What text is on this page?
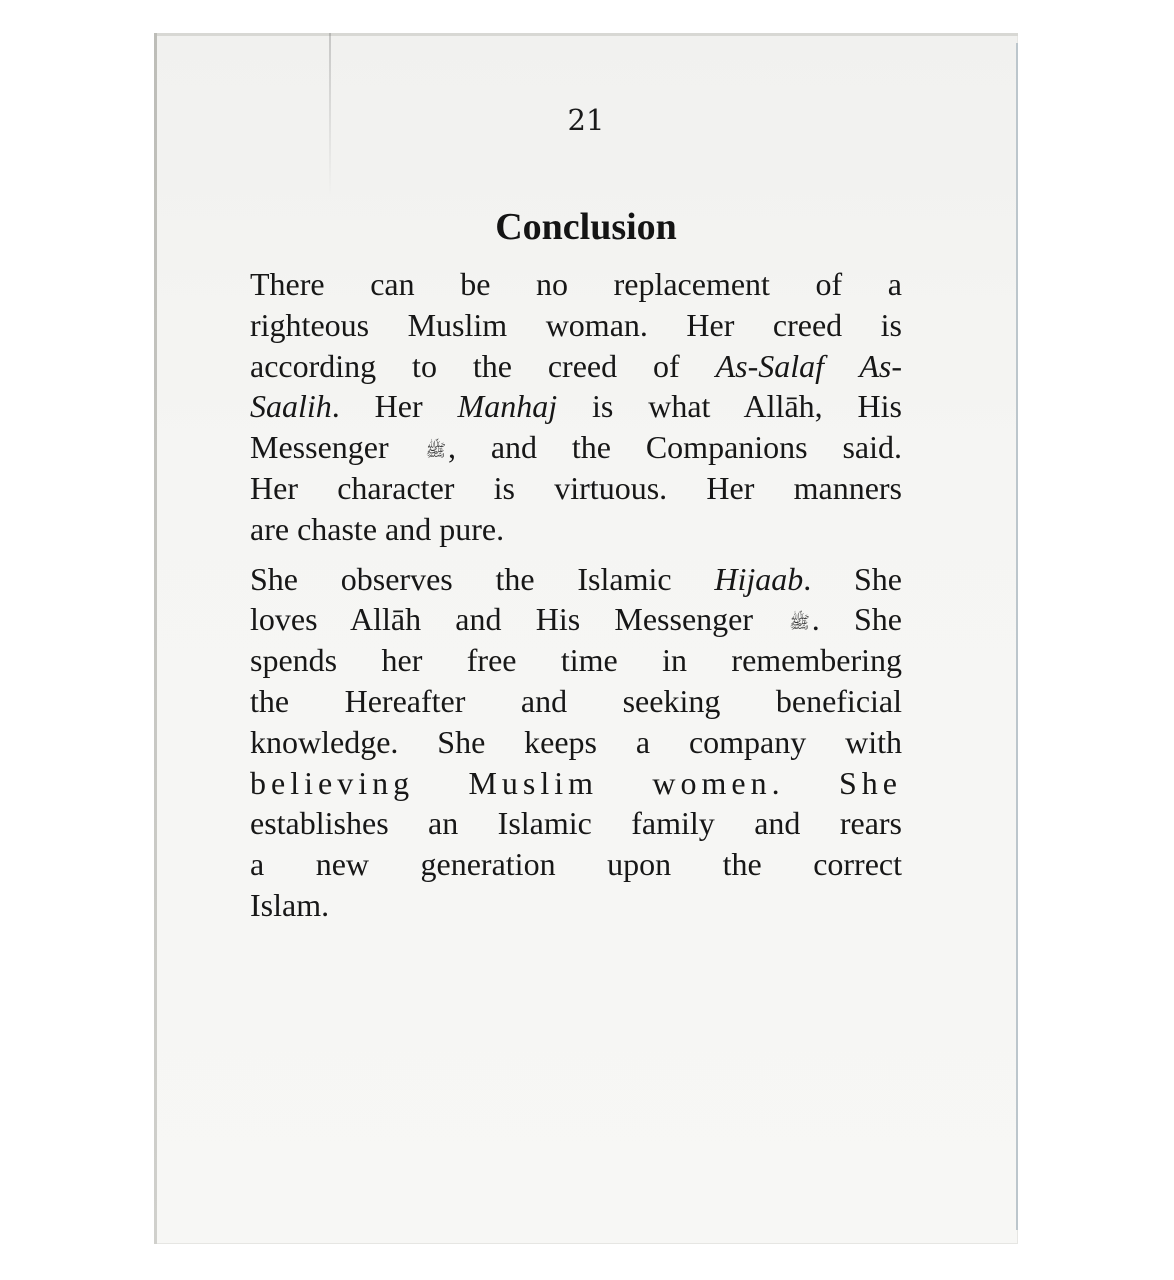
21
Conclusion
There can be no replacement of a
righteous Muslim woman. Her creed is
according to the creed of As-Salaf As-
Saalih. Her Manhaj is what Allāh, His
Messenger ﷺ, and the Companions said.
Her character is virtuous. Her manners
are chaste and pure.
She observes the Islamic Hijaab. She
loves Allāh and His Messenger ﷺ. She
spends her free time in remembering
the Hereafter and seeking beneficial
knowledge. She keeps a company with
believing Muslim women. She
establishes an Islamic family and rears
a new generation upon the correct
Islam.
